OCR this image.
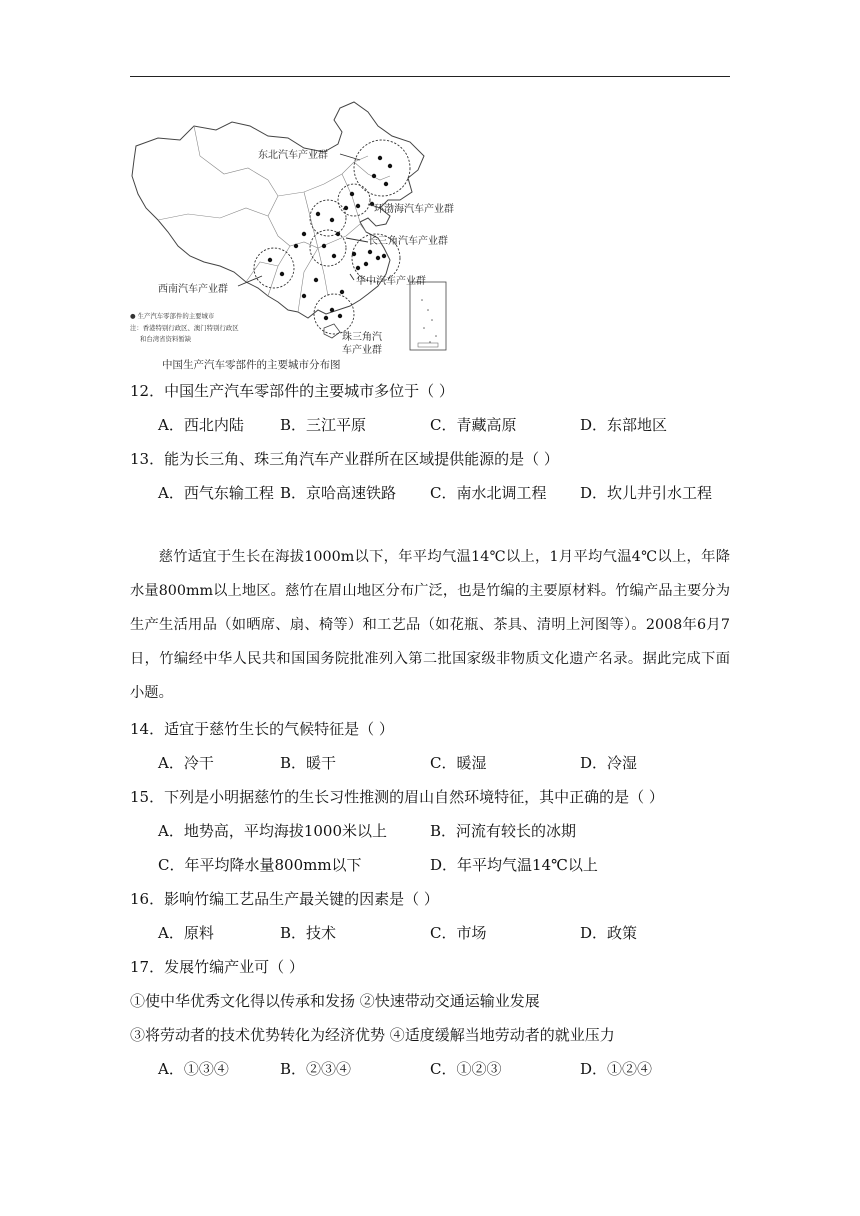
东北汽车产业群
环渤海汽车产业群
长三角汽车产业群
华中汽车产业群
西南汽车产业群
珠三角汽
车产业群
● 生产汽车零部件的主要城市
注：香港特别行政区、澳门特别行政区
和台湾省资料暂缺
中国生产汽车零部件的主要城市分布图
12．中国生产汽车零部件的主要城市多位于（ ）
A．西北内陆 B．三江平原	C．青藏高原	D．东部地区
13．能为长三角、珠三角汽车产业群所在区域提供能源的是（ ）
A．西气东输工程 B．京哈高速铁路 C．南水北调工程 D．坎儿井引水工程

慈竹适宜于生长在海拔1000m以下，年平均气温14℃以上，1月平均气温4℃以上，年降水量800mm以上地区。慈竹在眉山地区分布广泛，也是竹编的主要原材料。竹编产品主要分为生产生活用品（如晒席、扇、椅等）和工艺品（如花瓶、茶具、清明上河图等）。2008年6月7日，竹编经中华人民共和国国务院批准列入第二批国家级非物质文化遗产名录。据此完成下面小题。

14．适宜于慈竹生长的气候特征是（ ）
A．冷干	B．暖干	C．暖湿	D．冷湿
15．下列是小明据慈竹的生长习性推测的眉山自然环境特征，其中正确的是（ ）
A．地势高，平均海拔1000米以上	B．河流有较长的冰期
C．年平均降水量800mm以下	D．年平均气温14℃以上
16．影响竹编工艺品生产最关键的因素是（ ）
A．原料	B．技术	C．市场	D．政策
17．发展竹编产业可（ ）
①使中华优秀文化得以传承和发扬 ②快速带动交通运输业发展
③将劳动者的技术优势转化为经济优势 ④适度缓解当地劳动者的就业压力
A．①③④	B．②③④	C．①②③	D．①②④
